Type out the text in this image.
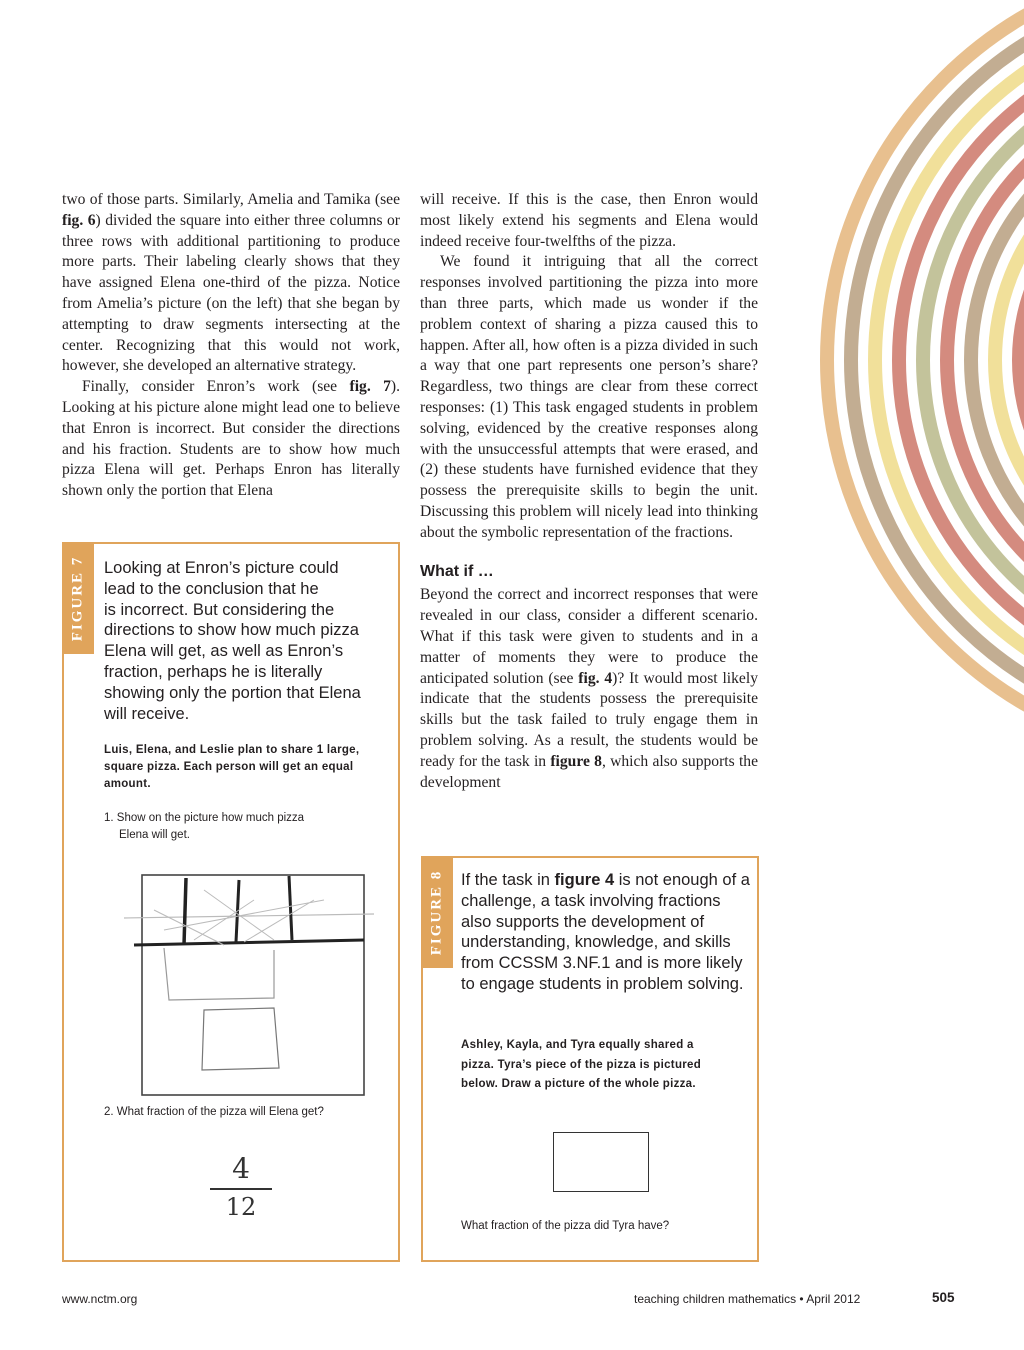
two of those parts. Similarly, Amelia and Tamika (see fig. 6) divided the square into either three columns or three rows with additional partitioning to produce more parts. Their labeling clearly shows that they have assigned Elena one-third of the pizza. Notice from Amelia’s picture (on the left) that she began by attempting to draw segments intersecting at the center. Recognizing that this would not work, however, she developed an alternative strategy.

Finally, consider Enron’s work (see fig. 7). Looking at his picture alone might lead one to believe that Enron is incorrect. But consider the directions and his fraction. Students are to show how much pizza Elena will get. Perhaps Enron has literally shown only the portion that Elena

will receive. If this is the case, then Enron would most likely extend his segments and Elena would indeed receive four-twelfths of the pizza.

We found it intriguing that all the correct responses involved partitioning the pizza into more than three parts, which made us wonder if the problem context of sharing a pizza caused this to happen. After all, how often is a pizza divided in such a way that one part represents one person’s share? Regardless, two things are clear from these correct responses: (1) This task engaged students in problem solving, evidenced by the creative responses along with the unsuccessful attempts that were erased, and (2) these students have furnished evidence that they possess the prerequisite skills to begin the unit. Discussing this problem will nicely lead into thinking about the symbolic representation of the fractions.

What if …

Beyond the correct and incorrect responses that were revealed in our class, consider a different scenario. What if this task were given to students and in a matter of moments they were to produce the anticipated solution (see fig. 4)? It would most likely indicate that the students possess the prerequisite skills but the task failed to truly engage them in problem solving. As a result, the students would be ready for the task in figure 8, which also supports the development

FIGURE 7 Looking at Enron’s picture could
lead to the conclusion that he
is incorrect. But considering the
directions to show how much pizza
Elena will get, as well as Enron’s
fraction, perhaps he is literally
showing only the portion that Elena
will receive.
Luis, Elena, and Leslie plan to share 1 large,
square pizza. Each person will get an equal
amount.
1. Show on the picture how much pizza
Elena will get.
2. What fraction of the pizza will Elena get?
4
12
FIGURE 8 If the task in figure 4 is not enough of a challenge, a task involving fractions also supports the development of understanding, knowledge, and skills from CCSSM 3.NF.1 and is more likely to engage students in problem solving.
Ashley, Kayla, and Tyra equally shared a
pizza. Tyra’s piece of the pizza is pictured
below. Draw a picture of the whole pizza.
What fraction of the pizza did Tyra have?
www.nctm.org	teaching children mathematics • April 2012	505
